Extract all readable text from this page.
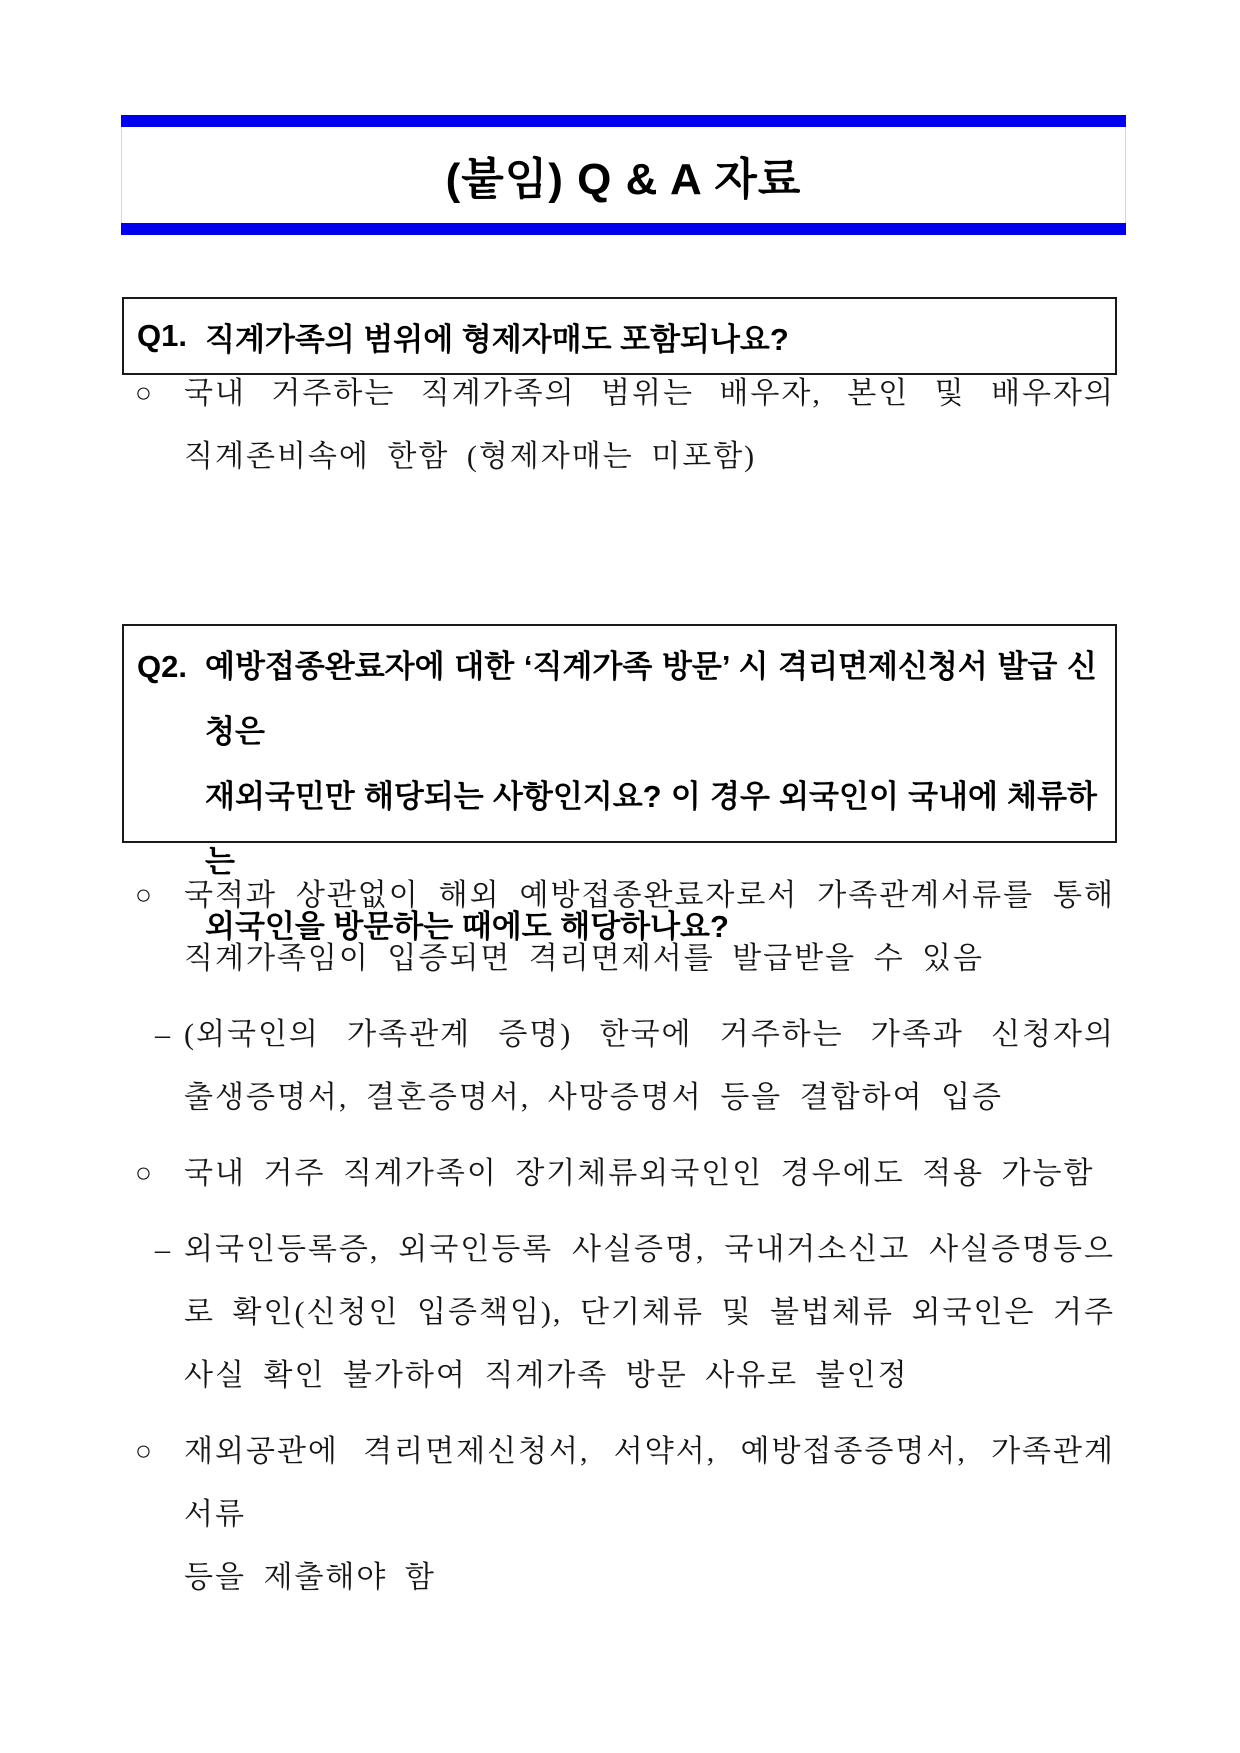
(붙임) Q & A 자료
Q1. 직계가족의 범위에 형제자매도 포함되나요?
○	국내 거주하는 직계가족의 범위는 배우자, 본인 및 배우자의
직계존비속에 한함 (형제자매는 미포함)
Q2. 예방접종완료자에 대한 ‘직계가족 방문’ 시 격리면제신청서 발급 신청은
재외국민만 해당되는 사항인지요? 이 경우 외국인이 국내에 체류하는
외국인을 방문하는 때에도 해당하나요?
○	국적과 상관없이 해외 예방접종완료자로서 가족관계서류를 통해
직계가족임이 입증되면 격리면제서를 발급받을 수 있음
– (외국인의 가족관계 증명) 한국에 거주하는 가족과 신청자의
출생증명서, 결혼증명서, 사망증명서 등을 결합하여 입증
○	국내 거주 직계가족이 장기체류외국인인 경우에도 적용 가능함
– 외국인등록증, 외국인등록 사실증명, 국내거소신고 사실증명등으
로 확인(신청인 입증책임), 단기체류 및 불법체류 외국인은 거주
사실 확인 불가하여 직계가족 방문 사유로 불인정
○	재외공관에 격리면제신청서, 서약서, 예방접종증명서, 가족관계서류
등을 제출해야 함
